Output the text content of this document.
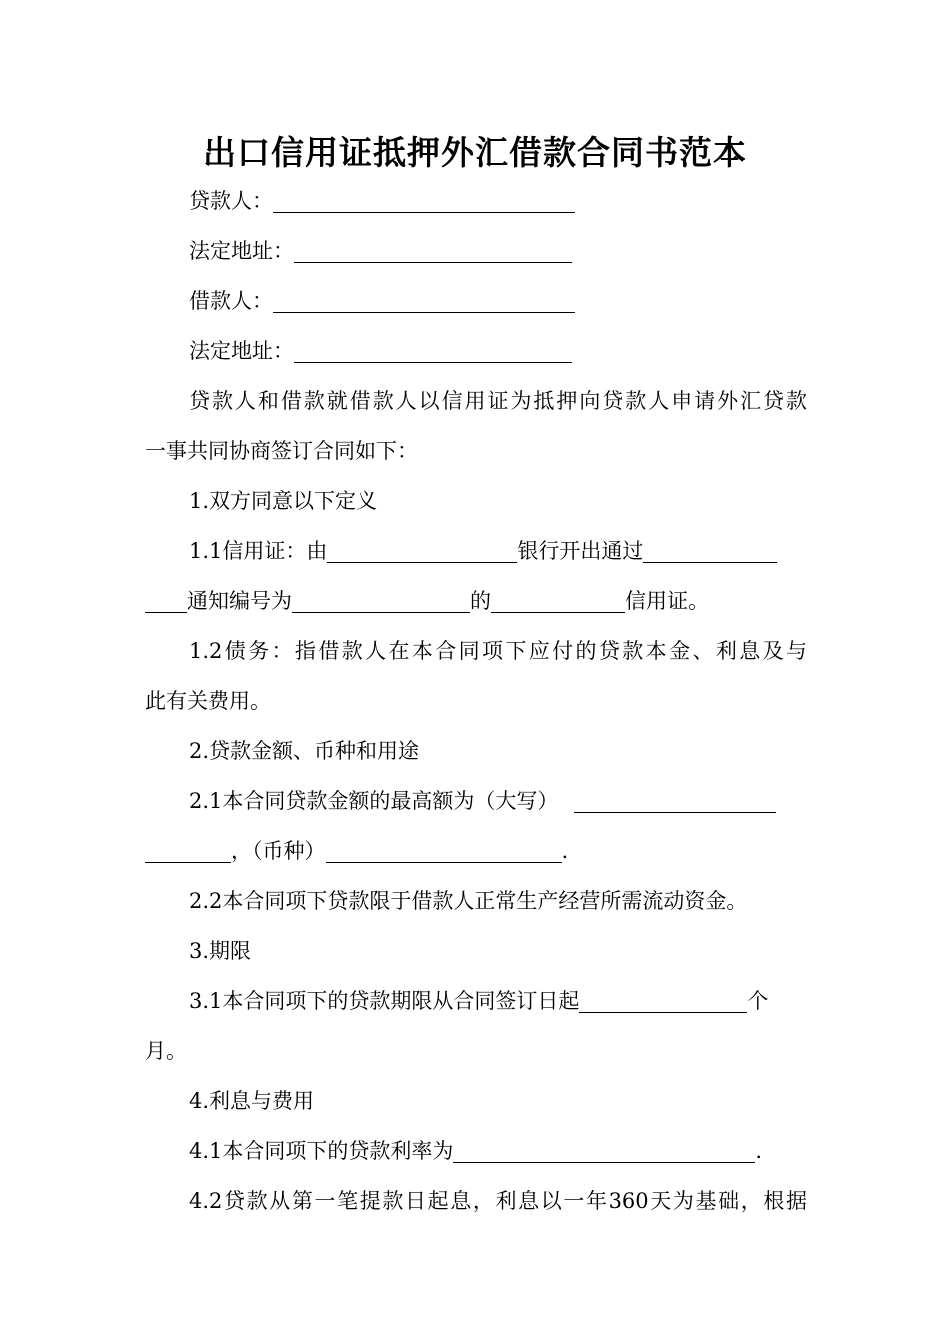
出口信用证抵押外汇借款合同书范本
贷款人：
法定地址：
借款人：
法定地址：
贷款人和借款就借款人以信用证为抵押向贷款人申请外汇贷款
一事共同协商签订合同如下：
1.双方同意以下定义
1.1信用证：由	银行开出通过
通知编号为	的	信用证。
1.2债务：指借款人在本合同项下应付的贷款本金、利息及与
此有关费用。
2.贷款金额、币种和用途
2.1本合同贷款金额的最高额为（大写）
，（币种）	.
2.2本合同项下贷款限于借款人正常生产经营所需流动资金。
3.期限
3.1本合同项下的贷款期限从合同签订日起	个
月。
4.利息与费用
4.1本合同项下的贷款利率为	.
4.2贷款从第一笔提款日起息，利息以一年360天为基础，根据
